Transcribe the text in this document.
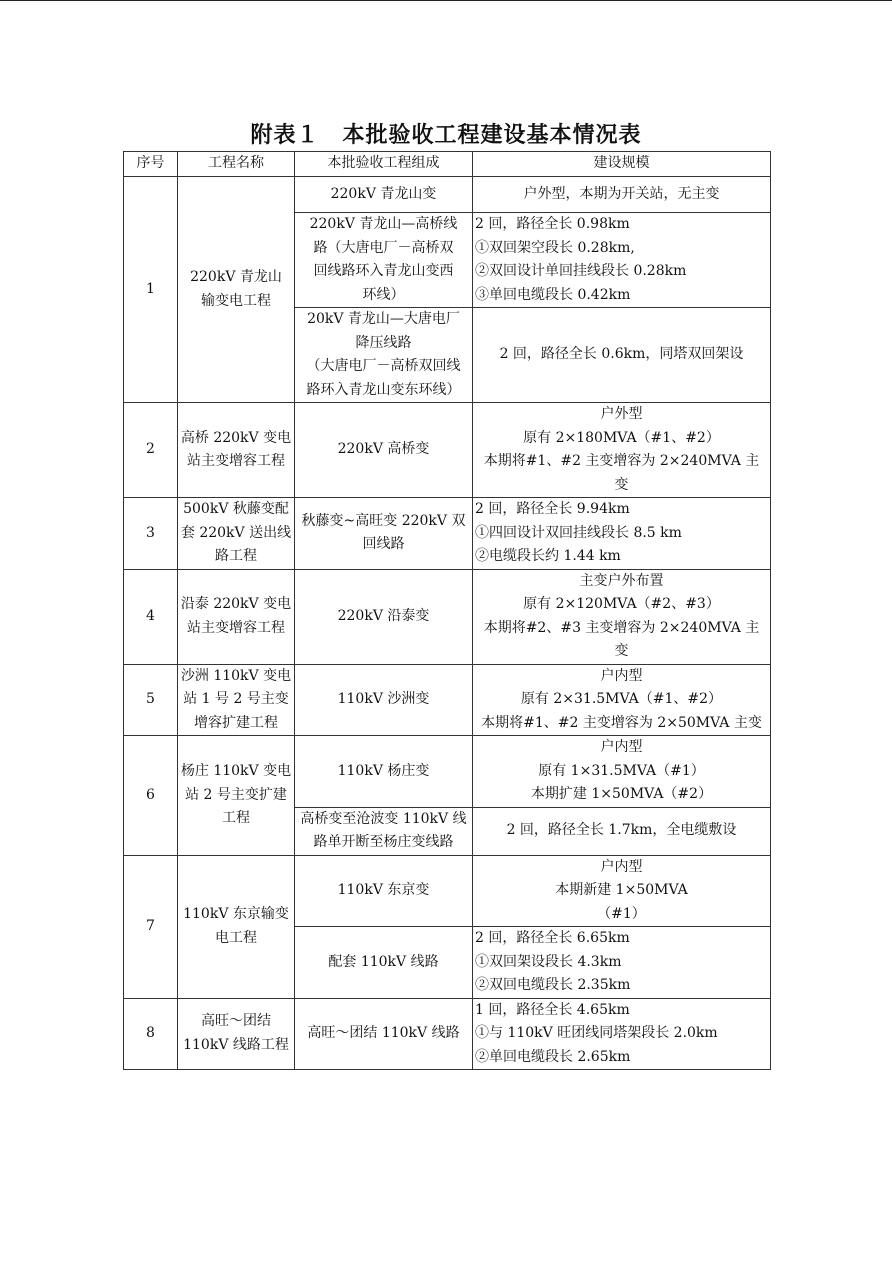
附表１　本批验收工程建设基本情况表
序号	工程名称	本批验收工程组成	建设规模
1	220kV 青龙山
输变电工程	220kV 青龙山变	户外型，本期为开关站，无主变

		220kV 青龙山—高桥线
路（大唐电厂－高桥双
回线路环入青龙山变西
环线）	2 回，路径全长 0.98km
①双回架空段长 0.28km,
②双回设计单回挂线段长 0.28km
③单回电缆段长 0.42km

		20kV 青龙山—大唐电厂
降压线路
（大唐电厂－高桥双回线
路环入青龙山变东环线）	2 回，路径全长 0.6km，同塔双回架设

2	高桥 220kV 变电
站主变增容工程	220kV 高桥变	户外型
原有 2×180MVA（#1、#2）
本期将#1、#2 主变增容为 2×240MVA 主
变

3	500kV 秋藤变配
套 220kV 送出线
路工程	秋藤变~高旺变 220kV 双
回线路	2 回，路径全长 9.94km
①四回设计双回挂线段长 8.5 km
②电缆段长约 1.44 km

4	沿泰 220kV 变电
站主变增容工程	220kV 沿泰变	主变户外布置
原有 2×120MVA（#2、#3）
本期将#2、#3 主变增容为 2×240MVA 主
变

5	沙洲 110kV 变电
站 1 号 2 号主变
增容扩建工程	110kV 沙洲变	户内型
原有 2×31.5MVA（#1、#2）
本期将#1、#2 主变增容为 2×50MVA 主变

6	杨庄 110kV 变电
站 2 号主变扩建
工程	110kV 杨庄变	户内型
原有 1×31.5MVA（#1）
本期扩建 1×50MVA（#2）

		高桥变至沧波变 110kV 线
路单开断至杨庄变线路	2 回，路径全长 1.7km，全电缆敷设

7	110kV 东京输变
电工程	110kV 东京变	户内型
本期新建 1×50MVA
（#1）

		配套 110kV 线路	2 回，路径全长 6.65km
①双回架设段长 4.3km
②双回电缆段长 2.35km

8	高旺～团结
110kV 线路工程	高旺～团结 110kV 线路	1 回，路径全长 4.65km
①与 110kV 旺团线同塔架段长 2.0km
②单回电缆段长 2.65km
